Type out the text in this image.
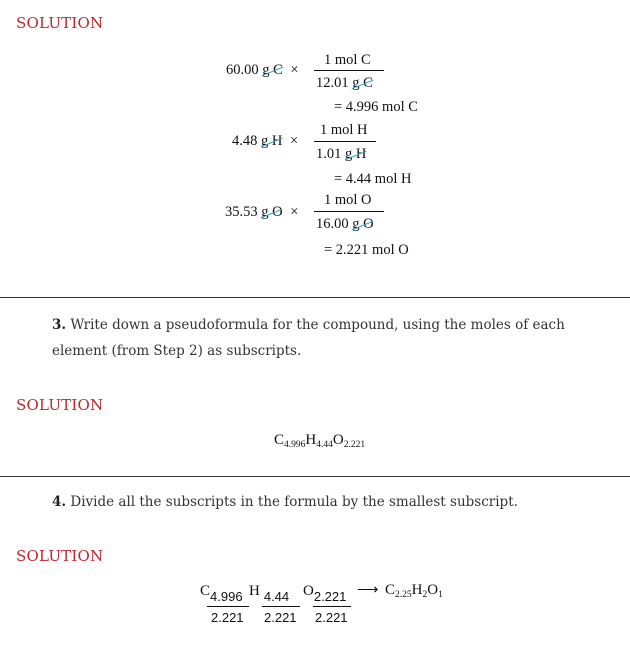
SOLUTION
60.00 g C ×
1 mol C
12.01 g C
= 4.996 mol C
4.48 g H ×
1 mol H
1.01 g H
= 4.44 mol H
35.53 g O ×
1 mol O
16.00 g O
= 2.221 mol O
3. Write down a pseudoformula for the compound, using the moles of each element (from Step 2) as subscripts.
SOLUTION
$C_{4.996}H_{4.44}O_{2.221}$
4. Divide all the subscripts in the formula by the smallest subscript.
SOLUTION
C4.996 H 4.44 O2.221
2.221 2.221 2.221
⟶ $C_{2.25}H_2O_1$
